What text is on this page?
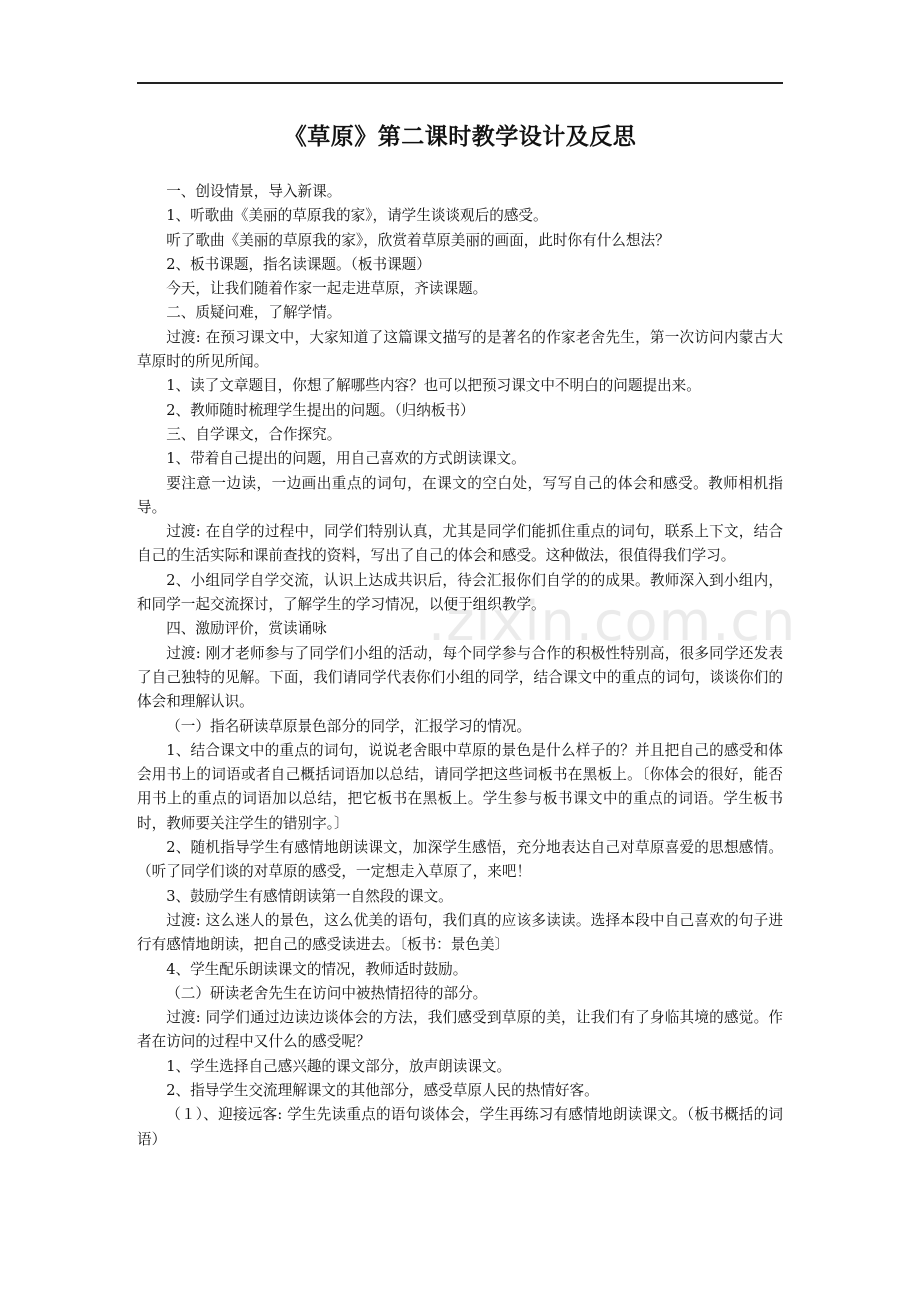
.zixin.com.cn
《草原》第二课时教学设计及反思

一、创设情景，导入新课。

1、听歌曲《美丽的草原我的家》，请学生谈谈观后的感受。

听了歌曲《美丽的草原我的家》，欣赏着草原美丽的画面，此时你有什么想法？

2、板书课题，指名读课题。（板书课题）

今天，让我们随着作家一起走进草原，齐读课题。

二、质疑问难，了解学情。

过渡: 在预习课文中，大家知道了这篇课文描写的是著名的作家老舍先生，第一次访问内蒙古大草原时的所见所闻。

1、读了文章题目，你想了解哪些内容？也可以把预习课文中不明白的问题提出来。

2、教师随时梳理学生提出的问题。（归纳板书）

三、自学课文，合作探究。

1、带着自己提出的问题，用自己喜欢的方式朗读课文。

要注意一边读，一边画出重点的词句，在课文的空白处，写写自己的体会和感受。教师相机指导。

过渡: 在自学的过程中，同学们特别认真，尤其是同学们能抓住重点的词句，联系上下文，结合自己的生活实际和课前查找的资料，写出了自己的体会和感受。这种做法，很值得我们学习。

2、小组同学自学交流，认识上达成共识后，待会汇报你们自学的的成果。教师深入到小组内，和同学一起交流探讨，了解学生的学习情况，以便于组织教学。

四、激励评价，赏读诵咏

过渡: 刚才老师参与了同学们小组的活动，每个同学参与合作的积极性特别高，很多同学还发表了自己独特的见解。下面，我们请同学代表你们小组的同学，结合课文中的重点的词句，谈谈你们的体会和理解认识。

（一）指名研读草原景色部分的同学，汇报学习的情况。

1、结合课文中的重点的词句，说说老舍眼中草原的景色是什么样子的？并且把自己的感受和体会用书上的词语或者自己概括词语加以总结，请同学把这些词板书在黑板上。〔你体会的很好，能否用书上的重点的词语加以总结，把它板书在黑板上。学生参与板书课文中的重点的词语。学生板书时，教师要关注学生的错别字。〕

2、随机指导学生有感情地朗读课文，加深学生感悟，充分地表达自己对草原喜爱的思想感情。（听了同学们谈的对草原的感受，一定想走入草原了，来吧！

3、鼓励学生有感情朗读第一自然段的课文。

过渡: 这么迷人的景色，这么优美的语句，我们真的应该多读读。选择本段中自己喜欢的句子进行有感情地朗读，把自己的感受读进去。〔板书：景色美〕

4、学生配乐朗读课文的情况，教师适时鼓励。

（二）研读老舍先生在访问中被热情招待的部分。

过渡: 同学们通过边读边谈体会的方法，我们感受到草原的美，让我们有了身临其境的感觉。作者在访问的过程中又什么的感受呢？

1、学生选择自己感兴趣的课文部分，放声朗读课文。

2、指导学生交流理解课文的其他部分，感受草原人民的热情好客。

（１）、迎接远客: 学生先读重点的语句谈体会，学生再练习有感情地朗读课文。（板书概括的词语）
